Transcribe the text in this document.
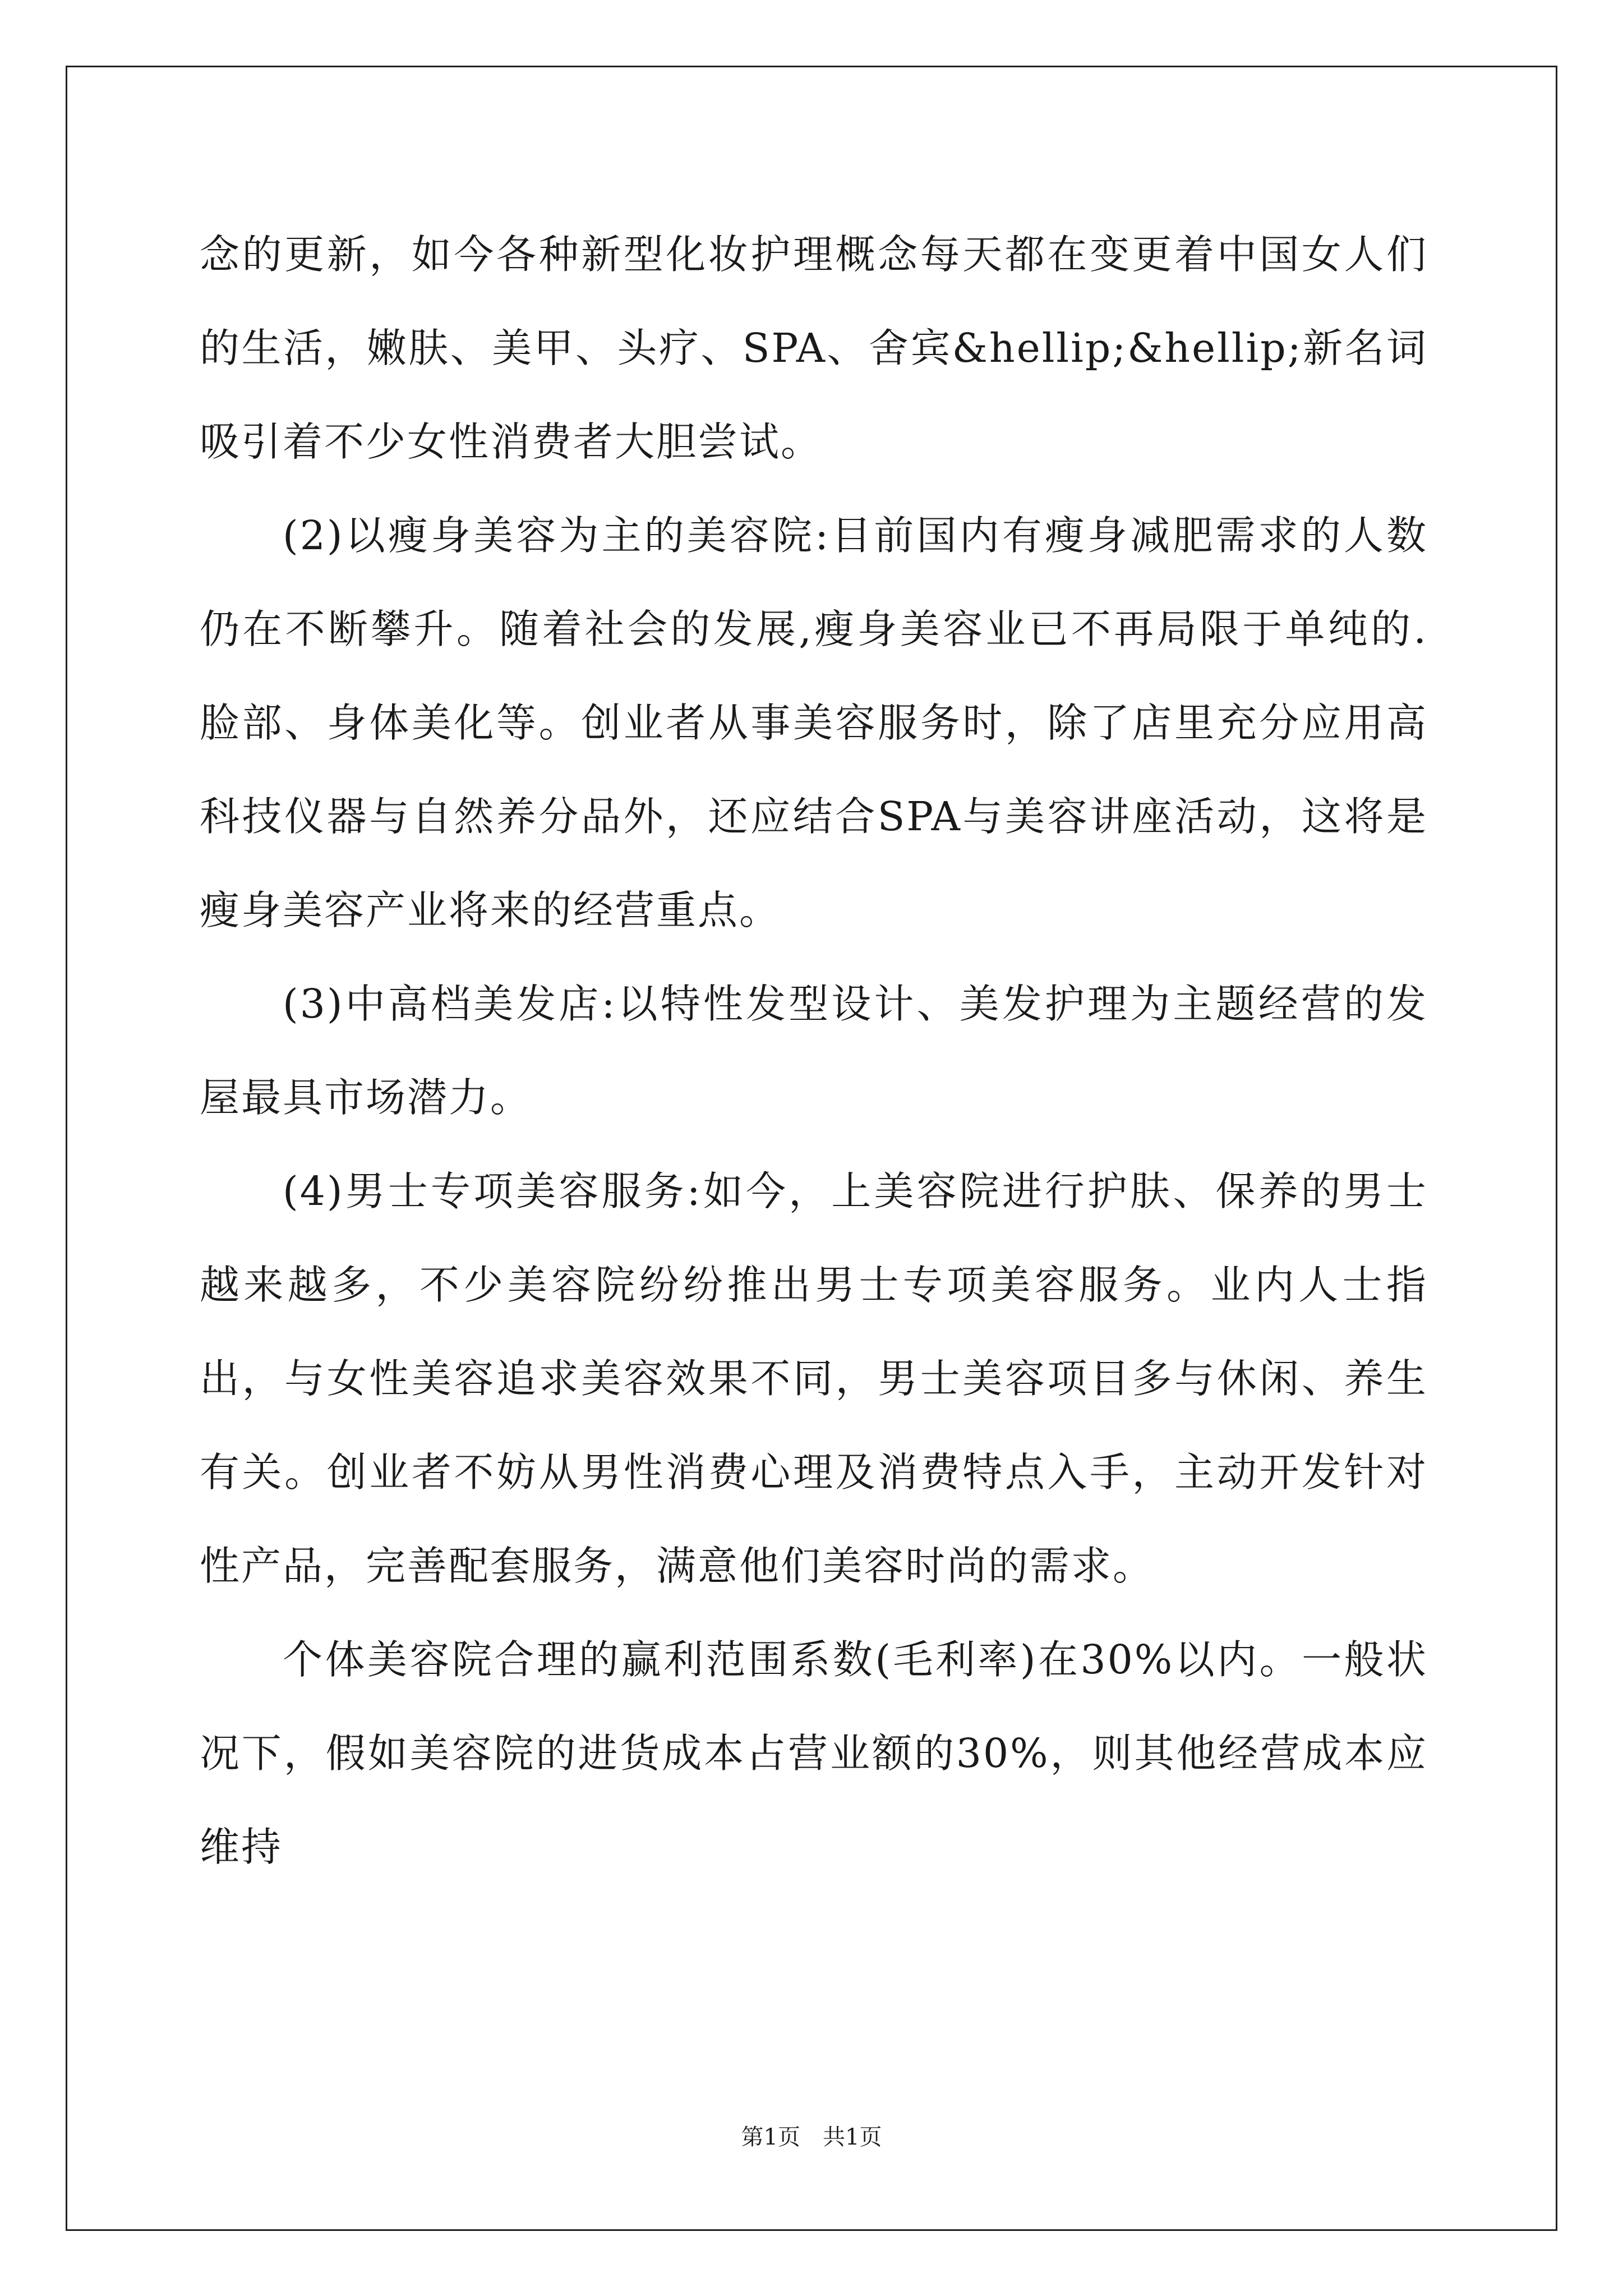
念的更新，如今各种新型化妆护理概念每天都在变更着中国女人们的生活，嫩肤、美甲、头疗、SPA、舍宾&hellip;&hellip;新名词吸引着不少女性消费者大胆尝试。

(2)以瘦身美容为主的美容院:目前国内有瘦身减肥需求的人数仍在不断攀升。随着社会的发展,瘦身美容业已不再局限于单纯的.脸部、身体美化等。创业者从事美容服务时，除了店里充分应用高科技仪器与自然养分品外，还应结合SPA与美容讲座活动，这将是瘦身美容产业将来的经营重点。

(3)中高档美发店:以特性发型设计、美发护理为主题经营的发屋最具市场潜力。

(4)男士专项美容服务:如今，上美容院进行护肤、保养的男士越来越多，不少美容院纷纷推出男士专项美容服务。业内人士指出，与女性美容追求美容效果不同，男士美容项目多与休闲、养生有关。创业者不妨从男性消费心理及消费特点入手，主动开发针对性产品，完善配套服务，满意他们美容时尚的需求。

个体美容院合理的赢利范围系数(毛利率)在30%以内。一般状况下，假如美容院的进货成本占营业额的30%，则其他经营成本应维持

第1页 共1页
